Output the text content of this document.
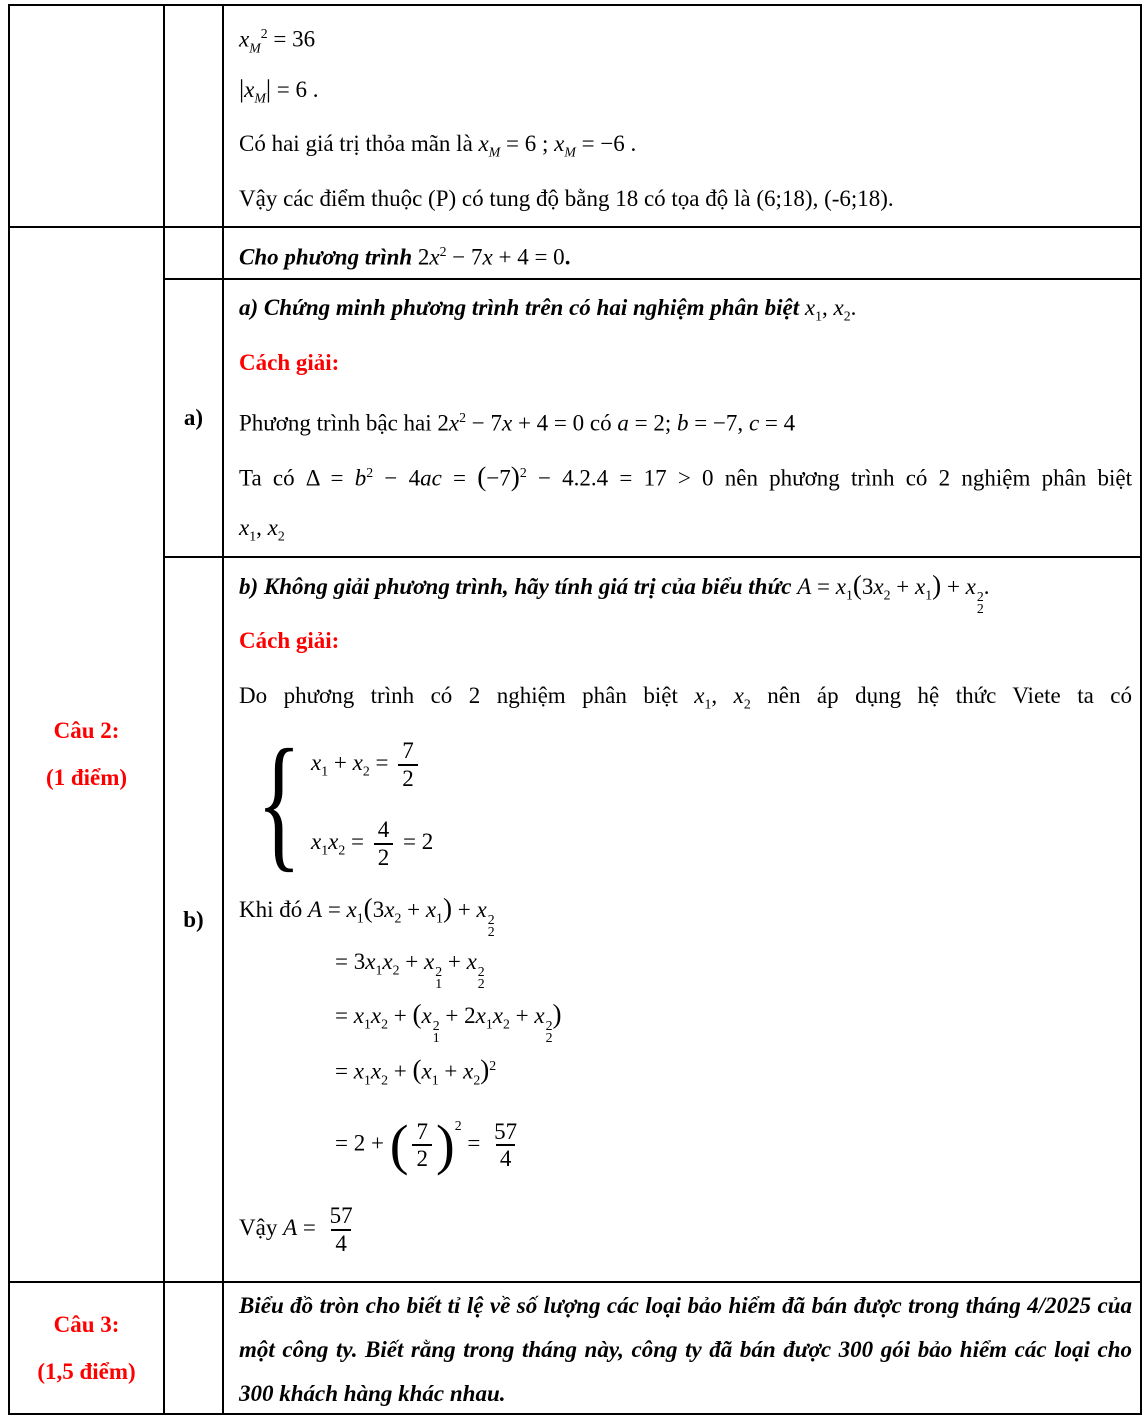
$x_M^2 = 36$
$|x_M| = 6$ .
Có hai giá trị thỏa mãn là $x_M = 6$ ; $x_M = -6$ .
Vậy các điểm thuộc (P) có tung độ bằng 18 có tọa độ là (6;18), (-6;18).
Câu 2:
(1 điểm)
Cho phương trình $2x^2 - 7x + 4 = 0$.
a)
a) Chứng minh phương trình trên có hai nghiệm phân biệt $x_1$, $x_2$.
Cách giải:
Phương trình bậc hai $2x^2 - 7x + 4 = 0$ có a = 2; b = −7, c = 4
Ta có $\Delta = b^2 - 4ac = (-7)^2 - 4.2.4 = 17 > 0$ nên phương trình có 2 nghiệm phân biệt
$x_1$, $x_2$
b)
b) Không giải phương trình, hãy tính giá trị của biểu thức $A = x_1(3x_2 + x_1) + x$ 2
2
.
Cách giải:
Do phương trình có 2 nghiệm phân biệt $x_1$, $x_2$ nên áp dụng hệ thức Viete ta có
{ $x_1 + x_2 = \frac{7}{2}$
$x_1x_2 = \frac{4}{2} = 2$
Khi đó $A = x_1(3x_2 + x_1) + x$ 2
2
= $3x_1x_2 + x$ 2
1
+ x 2
2
= $x_1x_2 + (x$ 2
1
+ $2x_1x_2 + x$ 2
2
)
= $x_1x_2 + (x_1 + x_2)^2$
= 2 + ( $\frac{7}{2} )^2 = \frac{57}{4}$
Vậy $A = \frac{57}{4}$
Câu 3:
(1,5 điểm)
Biểu đồ tròn cho biết tỉ lệ về số lượng các loại bảo hiểm đã bán được trong tháng 4/2025 của một công ty. Biết rằng trong tháng này, công ty đã bán được 300 gói bảo hiểm các loại cho 300 khách hàng khác nhau.
